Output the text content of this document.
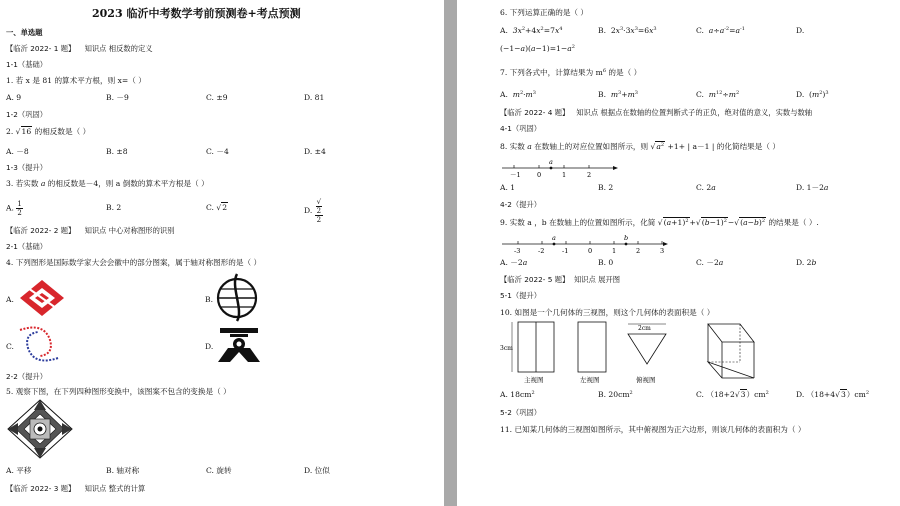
2023 临沂中考数学考前预测卷+考点预测
一、单选题
【临沂 2022- 1 题】 知识点 相反数的定义
1-1（基础）
1. 若 x 是 81 的算术平方根，则 x=（ ）
A. 9	B. －9	C. ±9	D. 81
1-2（巩固）
2. √16 的相反数是（ ）
A. －8	B. ±8	C. －4	D. ±4
1-3（提升）
3. 若实数 a 的相反数是－4，则 a 倒数的算术平方根是（ ）
A. $\frac{1}{2}$	B. 2	C. √2	D. √
2
2
【临沂 2022- 2 题】 知识点 中心对称图形的识别
2-1（基础）
4. 下列图形是国际数学家大会会徽中的部分图案，属于轴对称图形的是（ ）
A.	B.
C.	D.
2-2（提升）
5. 观察下图，在下列四种图形变换中，该图案不包含的变换是（ ）
A. 平移	B. 轴对称	C. 旋转	D. 位似
【临沂 2022- 3 题】 知识点 整式的计算
6. 下列运算正确的是（ ）
A. $3x^2+4x^2=7x^4$	B.  $2x^3\cdot 3x^3=6x^3$	C. $a\div a^{-2}=a^{-1}$	D.
$(-1-a)(a-1)=1-a^2$
7. 下列各式中，计算结果为 $m^6$ 的是（ ）
A. $m^2\cdot m^3$	B. $m^3+m^3$	C. $m^{12}\div m^2$	D.  $(m^2)^3$
【临沂 2022- 4 题】 知识点 根据点在数轴的位置判断式子的正负，绝对值的意义，实数与数轴
4-1（巩固）
8. 实数 a 在数轴上的对应位置如图所示，则 $√a^2 +1+$ | a－1 | 的化简结果是（ ）
－1	0	1	2
a
A. 1	B. 2	C. 2a	D. 1－2a
4-2（提升）
9. 实数 a ，b 在数轴上的位置如图所示，化简 $√(a+1)^2+√(b-1)^2-√(a-b)^2$ 的结果是（ ）.
-3	-2	-1	0	1	2	3
a	b
A. －2a	B. 0	C. －2a	D. 2b
【临沂 2022- 5 题】 知识点 展开图
5-1（提升）
10. 如图是一个几何体的三视图，则这个几何体的表面积是（ ）
3cm
主视图	左视图
2cm
俯视图
A. $18cm^2$	B. $20cm^2$	C. $(18+2√3)cm^2$	D. $(18+4√3)cm^2$
5-2（巩固）
11. 已知某几何体的三视图如图所示，其中俯视图为正六边形，则该几何体的表面积为（ ）
